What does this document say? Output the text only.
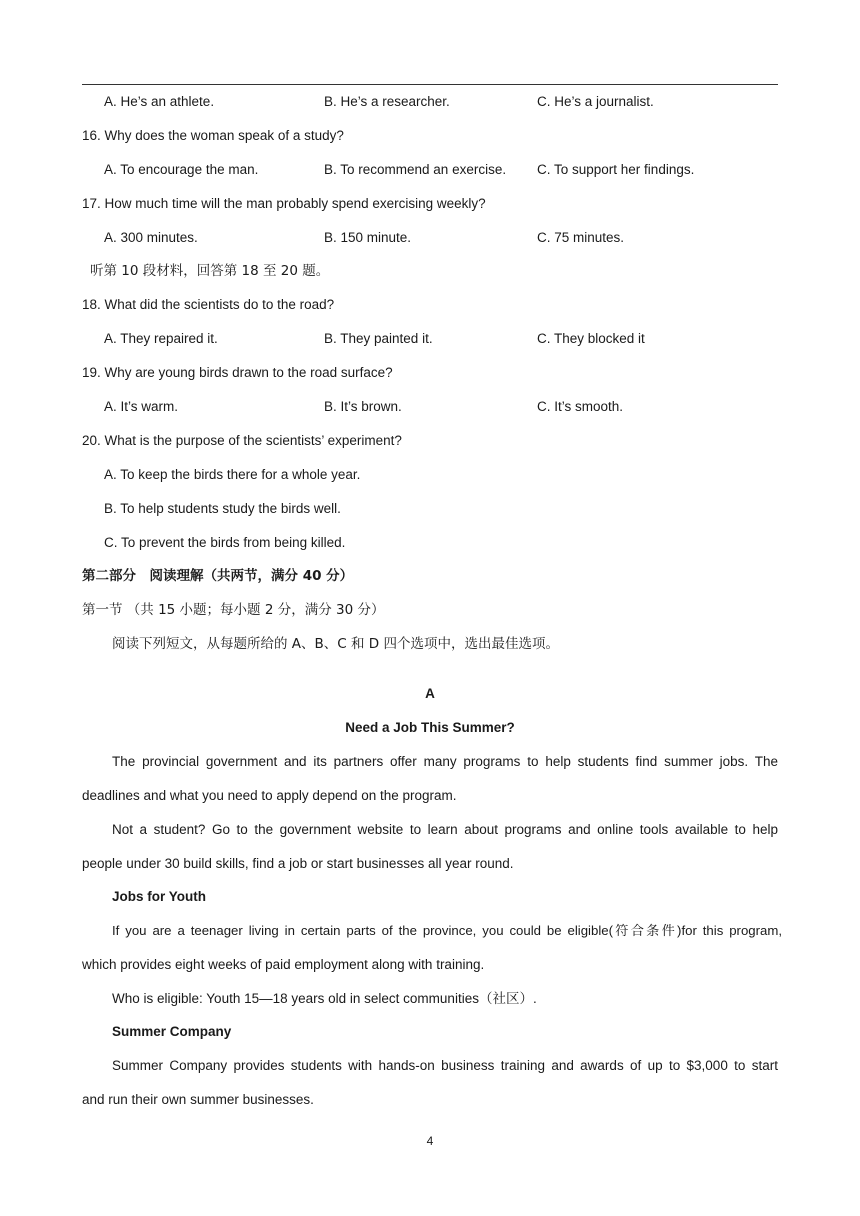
A. He’s an athlete.	B. He’s a researcher.	C. He’s a journalist.
16. Why does the woman speak of a study?
A. To encourage the man.	B. To recommend an exercise. C. To support her findings.
17. How much time will the man probably spend exercising weekly?
A. 300 minutes.	B. 150 minute.	C. 75 minutes.
听第 10 段材料，回答第 18 至 20 题。
18. What did the scientists do to the road?
A. They repaired it.	B. They painted it.	C. They blocked it
19. Why are young birds drawn to the road surface?
A. It’s warm.	B. It’s brown.	C. It’s smooth.
20. What is the purpose of the scientists’ experiment?
A. To keep the birds there for a whole year.
B. To help students study the birds well.
C. To prevent the birds from being killed.
第二部分　阅读理解（共两节，满分 40 分）
第一节 （共 15 小题；每小题 2 分，满分 30 分）
阅读下列短文，从每题所给的 A、B、C 和 D 四个选项中，选出最佳选项。
A
Need a Job This Summer?
The provincial government and its partners offer many programs to help students find summer jobs. The
deadlines and what you need to apply depend on the program.
Not a student? Go to the government website to learn about programs and online tools available to help
people under 30 build skills, find a job or start businesses all year round.
Jobs for Youth
If you are a teenager living in certain parts of the province, you could be eligible(符合条件)for this program,
which provides eight weeks of paid employment along with training.
Who is eligible: Youth 15—18 years old in select communities（社区）.
Summer Company
Summer Company provides students with hands-on business training and awards of up to $3,000 to start
and run their own summer businesses.
4
